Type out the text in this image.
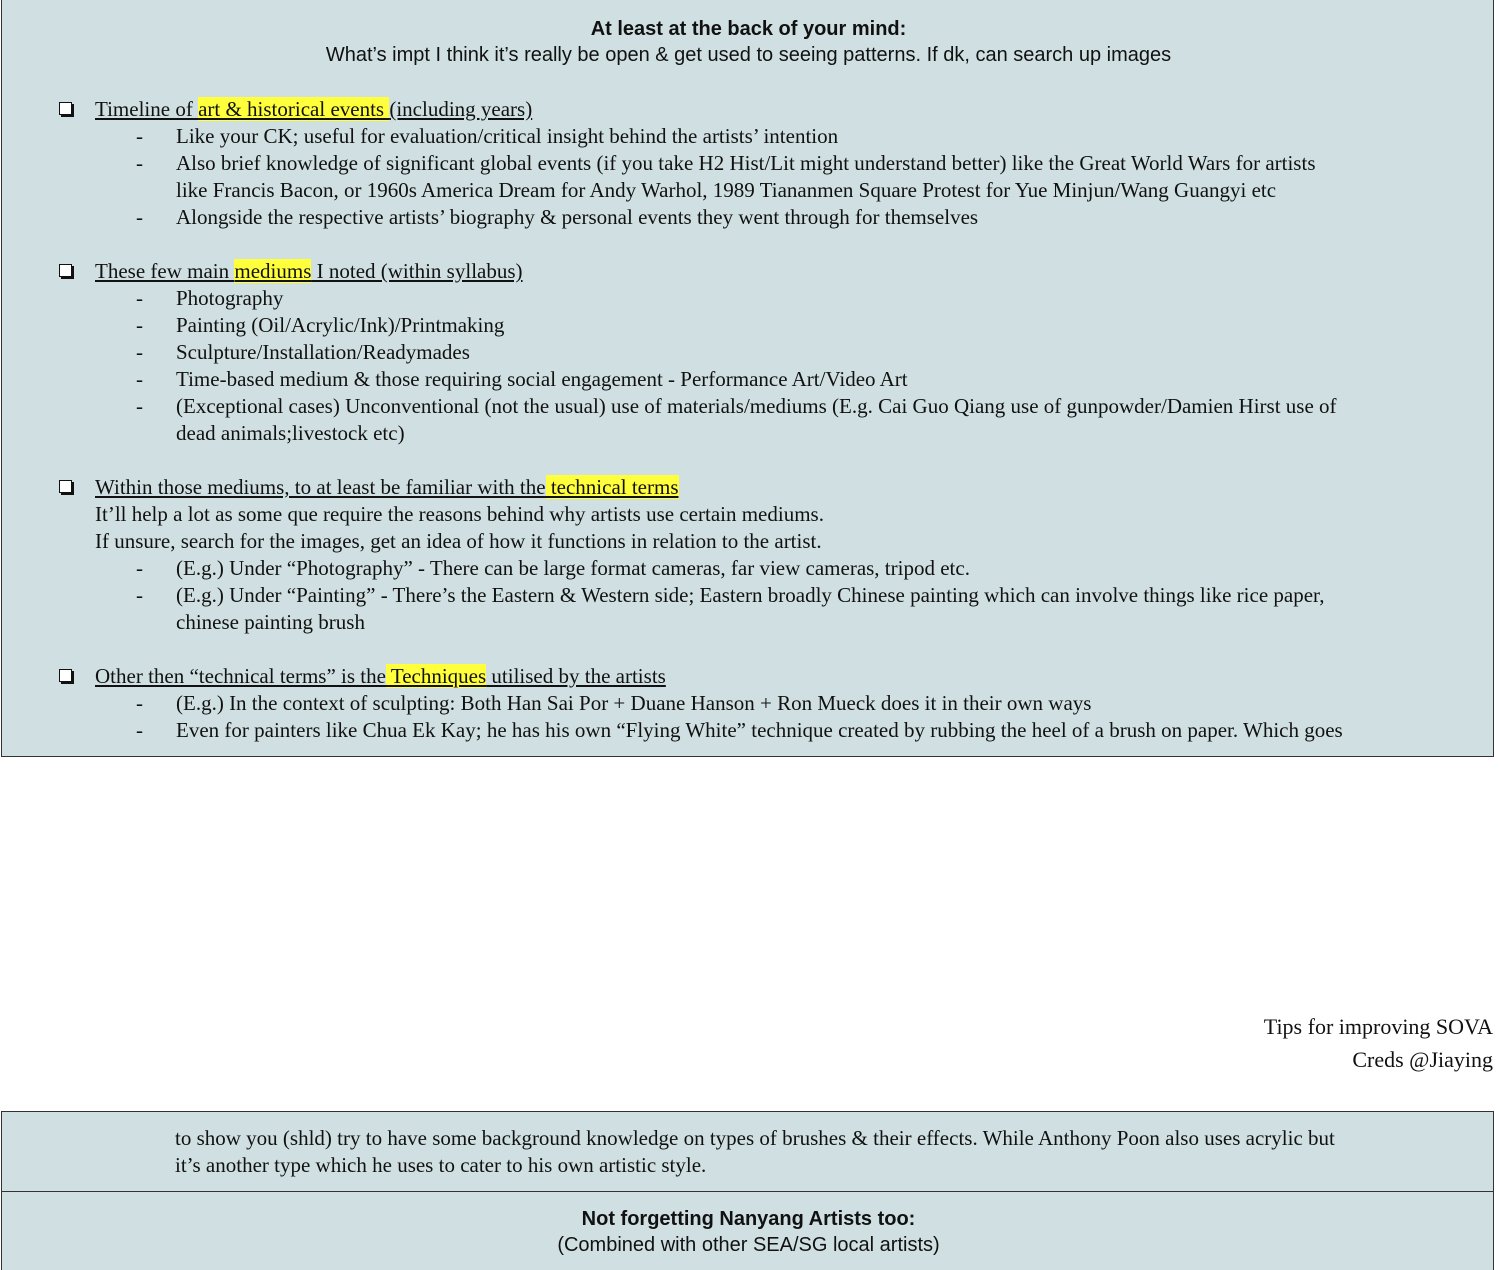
At least at the back of your mind:
What’s impt I think it’s really be open & get used to seeing patterns. If dk, can search up images
Timeline of art & historical events (including years)
- Like your CK; useful for evaluation/critical insight behind the artists’ intention
- Also brief knowledge of significant global events (if you take H2 Hist/Lit might understand better) like the Great World Wars for artists
like Francis Bacon, or 1960s America Dream for Andy Warhol, 1989 Tiananmen Square Protest for Yue Minjun/Wang Guangyi etc
- Alongside the respective artists’ biography & personal events they went through for themselves
These few main mediums I noted (within syllabus)
- Photography
- Painting (Oil/Acrylic/Ink)/Printmaking
- Sculpture/Installation/Readymades
- Time-based medium & those requiring social engagement - Performance Art/Video Art
- (Exceptional cases) Unconventional (not the usual) use of materials/mediums (E.g. Cai Guo Qiang use of gunpowder/Damien Hirst use of
dead animals;livestock etc)
Within those mediums, to at least be familiar with the technical terms
It’ll help a lot as some que require the reasons behind why artists use certain mediums.
If unsure, search for the images, get an idea of how it functions in relation to the artist.
- (E.g.) Under “Photography” - There can be large format cameras, far view cameras, tripod etc.
- (E.g.) Under “Painting” - There’s the Eastern & Western side; Eastern broadly Chinese painting which can involve things like rice paper,
chinese painting brush
Other then “technical terms” is the Techniques utilised by the artists
- (E.g.) In the context of sculpting: Both Han Sai Por + Duane Hanson + Ron Mueck does it in their own ways
- Even for painters like Chua Ek Kay; he has his own “Flying White” technique created by rubbing the heel of a brush on paper. Which goes
Tips for improving SOVA
Creds @Jiaying
to show you (shld) try to have some background knowledge on types of brushes & their effects. While Anthony Poon also uses acrylic but
it’s another type which he uses to cater to his own artistic style.
Not forgetting Nanyang Artists too:
(Combined with other SEA/SG local artists)
